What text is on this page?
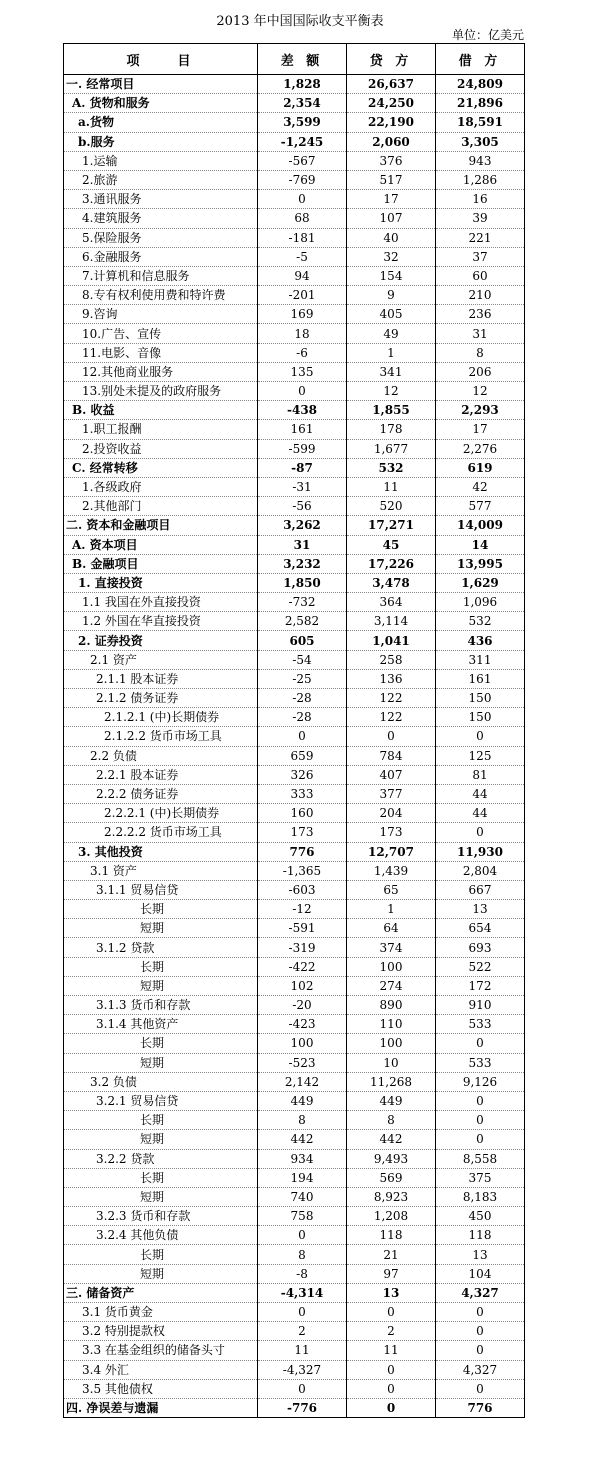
2013 年中国国际收支平衡表
单位：亿美元
项　　目	差 额	贷 方	借 方
一. 经常项目	1,828	26,637	24,809
A. 货物和服务	2,354	24,250	21,896
a.货物	3,599	22,190	18,591
b.服务	-1,245	2,060	3,305
1.运输	-567	376	943
2.旅游	-769	517	1,286
3.通讯服务	0	17	16
4.建筑服务	68	107	39
5.保险服务	-181	40	221
6.金融服务	-5	32	37
7.计算机和信息服务	94	154	60
8.专有权利使用费和特许费	-201	9	210
9.咨询	169	405	236
10.广告、宣传	18	49	31
11.电影、音像	-6	1	8
12.其他商业服务	135	341	206
13.别处未提及的政府服务	0	12	12
B. 收益	-438	1,855	2,293
1.职工报酬	161	178	17
2.投资收益	-599	1,677	2,276
C. 经常转移	-87	532	619
1.各级政府	-31	11	42
2.其他部门	-56	520	577
二. 资本和金融项目	3,262	17,271	14,009
A. 资本项目	31	45	14
B. 金融项目	3,232	17,226	13,995
1. 直接投资	1,850	3,478	1,629
1.1 我国在外直接投资	-732	364	1,096
1.2 外国在华直接投资	2,582	3,114	532
2. 证券投资	605	1,041	436
2.1 资产	-54	258	311
2.1.1 股本证券	-25	136	161
2.1.2 债务证券	-28	122	150
2.1.2.1 (中)长期债券	-28	122	150
2.1.2.2 货币市场工具	0	0	0
2.2 负债	659	784	125
2.2.1 股本证券	326	407	81
2.2.2 债务证券	333	377	44
2.2.2.1 (中)长期债券	160	204	44
2.2.2.2 货币市场工具	173	173	0
3. 其他投资	776	12,707	11,930
3.1 资产	-1,365	1,439	2,804
3.1.1 贸易信贷	-603	65	667
长期	-12	1	13
短期	-591	64	654
3.1.2 贷款	-319	374	693
长期	-422	100	522
短期	102	274	172
3.1.3 货币和存款	-20	890	910
3.1.4 其他资产	-423	110	533
长期	100	100	0
短期	-523	10	533
3.2 负债	2,142	11,268	9,126
3.2.1 贸易信贷	449	449	0
长期	8	8	0
短期	442	442	0
3.2.2 贷款	934	9,493	8,558
长期	194	569	375
短期	740	8,923	8,183
3.2.3 货币和存款	758	1,208	450
3.2.4 其他负债	0	118	118
长期	8	21	13
短期	-8	97	104
三. 储备资产	-4,314	13	4,327
3.1 货币黄金	0	0	0
3.2 特别提款权	2	2	0
3.3 在基金组织的储备头寸	11	11	0
3.4 外汇	-4,327	0	4,327
3.5 其他债权	0	0	0
四. 净误差与遗漏	-776	0	776
